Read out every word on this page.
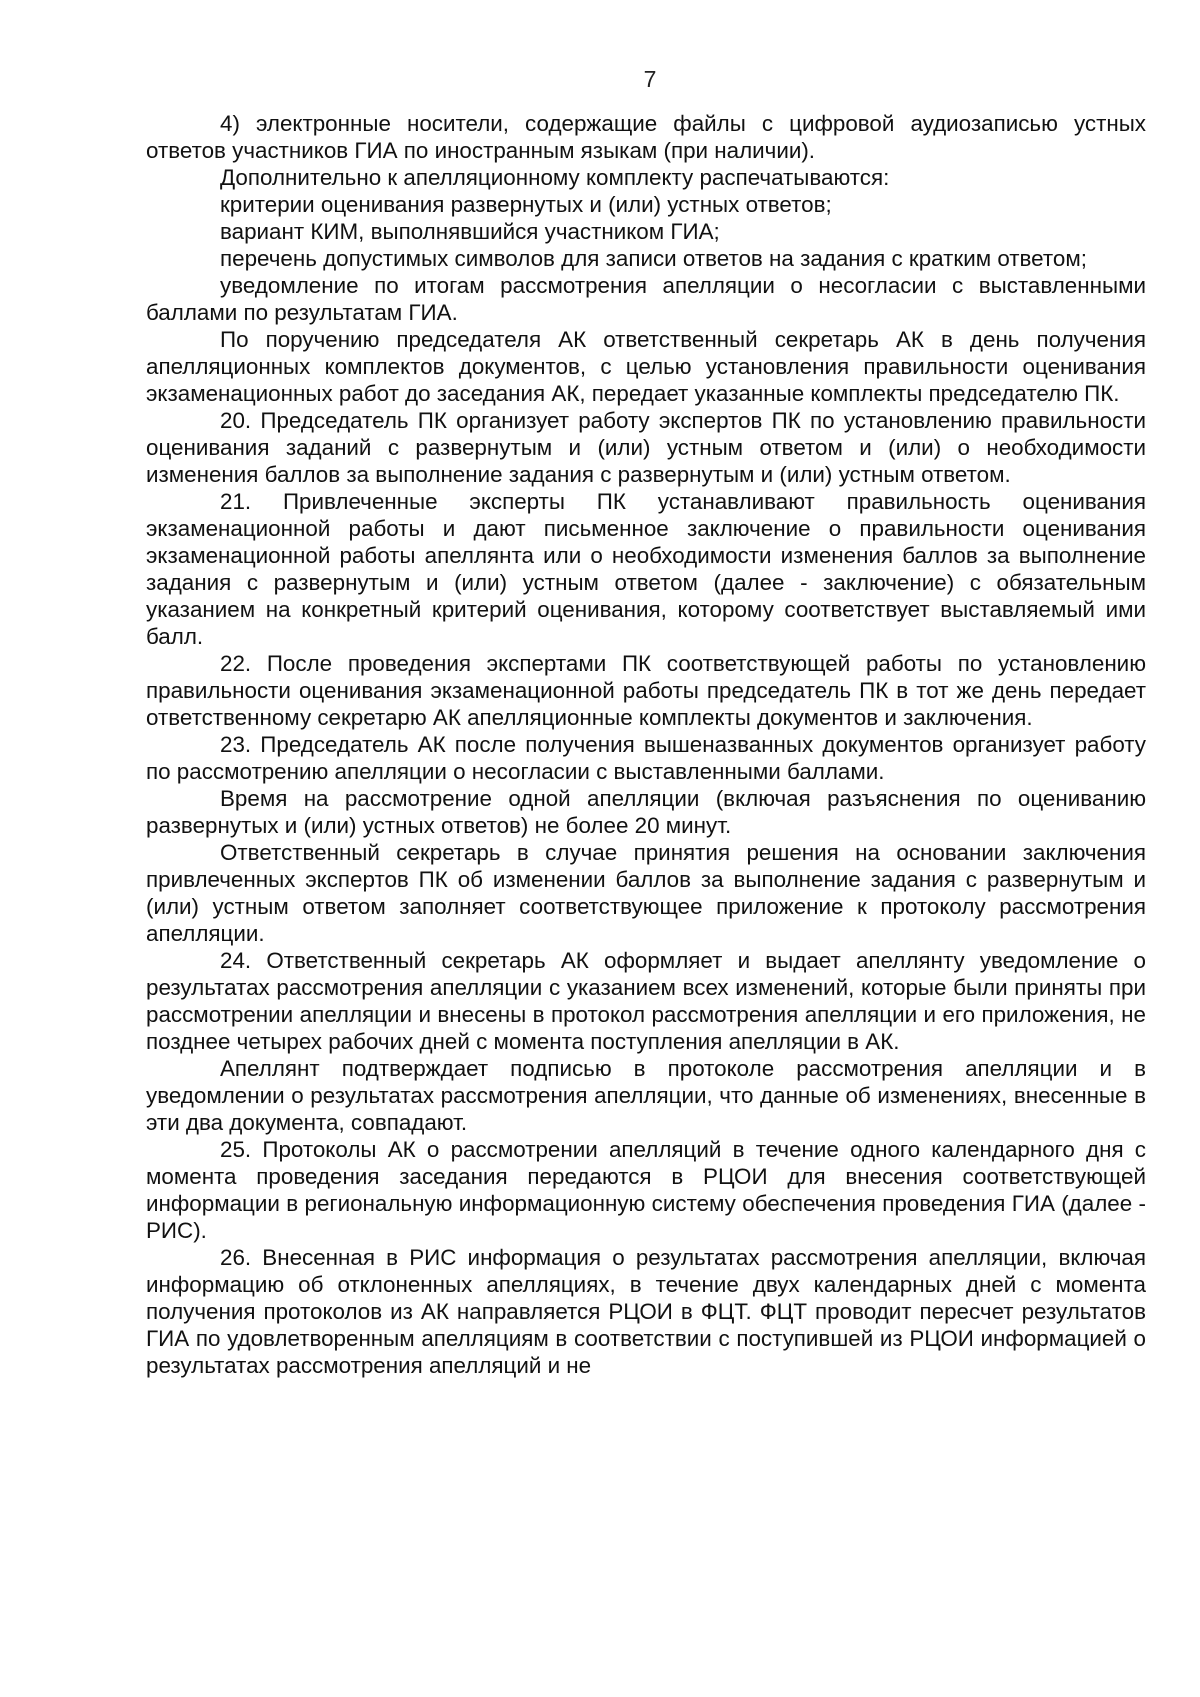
7

4) электронные носители, содержащие файлы с цифровой аудиозаписью устных ответов участников ГИА по иностранным языкам (при наличии).

Дополнительно к апелляционному комплекту распечатываются:

критерии оценивания развернутых и (или) устных ответов;

вариант КИМ, выполнявшийся участником ГИА;

перечень допустимых символов для записи ответов на задания с кратким ответом;

уведомление по итогам рассмотрения апелляции о несогласии с выставленными баллами по результатам ГИА.

По поручению председателя АК ответственный секретарь АК в день получения апелляционных комплектов документов, с целью установления правильности оценивания экзаменационных работ до заседания АК, передает указанные комплекты председателю ПК.

20. Председатель ПК организует работу экспертов ПК по установлению правильности оценивания заданий с развернутым и (или) устным ответом и (или) о необходимости изменения баллов за выполнение задания с развернутым и (или) устным ответом.

21. Привлеченные эксперты ПК устанавливают правильность оценивания экзаменационной работы и дают письменное заключение о правильности оценивания экзаменационной работы апеллянта или о необходимости изменения баллов за выполнение задания с развернутым и (или) устным ответом (далее - заключение) с обязательным указанием на конкретный критерий оценивания, которому соответствует выставляемый ими балл.

22. После проведения экспертами ПК соответствующей работы по установлению правильности оценивания экзаменационной работы председатель ПК в тот же день передает ответственному секретарю АК апелляционные комплекты документов и заключения.

23. Председатель АК после получения вышеназванных документов организует работу по рассмотрению апелляции о несогласии с выставленными баллами.

Время на рассмотрение одной апелляции (включая разъяснения по оцениванию развернутых и (или) устных ответов) не более 20 минут.

Ответственный секретарь в случае принятия решения на основании заключения привлеченных экспертов ПК об изменении баллов за выполнение задания с развернутым и (или) устным ответом заполняет соответствующее приложение к протоколу рассмотрения апелляции.

24. Ответственный секретарь АК оформляет и выдает апеллянту уведомление о результатах рассмотрения апелляции с указанием всех изменений, которые были приняты при рассмотрении апелляции и внесены в протокол рассмотрения апелляции и его приложения, не позднее четырех рабочих дней с момента поступления апелляции в АК.

Апеллянт подтверждает подписью в протоколе рассмотрения апелляции и в уведомлении о результатах рассмотрения апелляции, что данные об изменениях, внесенные в эти два документа, совпадают.

25. Протоколы АК о рассмотрении апелляций в течение одного календарного дня с момента проведения заседания передаются в РЦОИ для внесения соответствующей информации в региональную информационную систему обеспечения проведения ГИА (далее - РИС).

26. Внесенная в РИС информация о результатах рассмотрения апелляции, включая информацию об отклоненных апелляциях, в течение двух календарных дней с момента получения протоколов из АК направляется РЦОИ в ФЦТ. ФЦТ проводит пересчет результатов ГИА по удовлетворенным апелляциям в соответствии с поступившей из РЦОИ информацией о результатах рассмотрения апелляций и не
